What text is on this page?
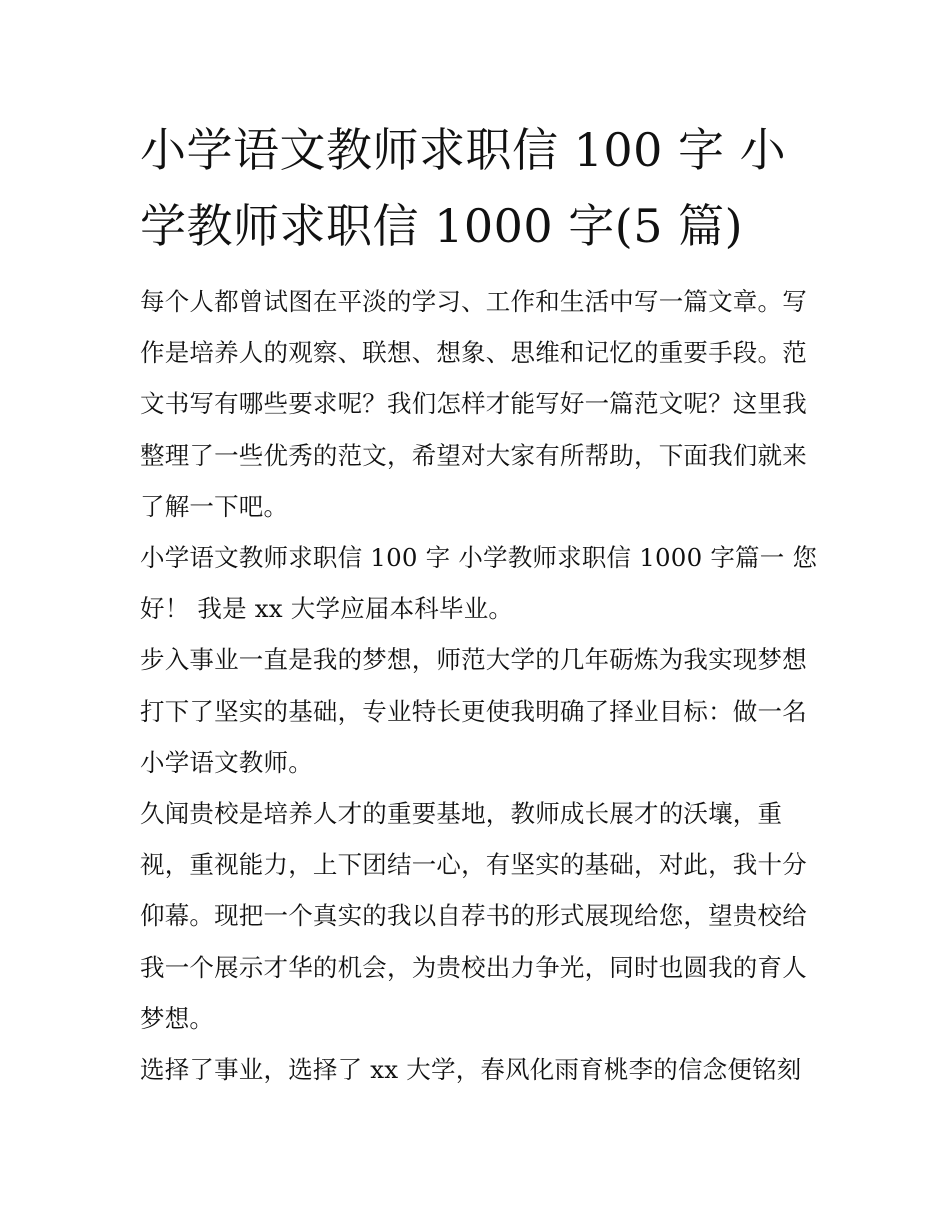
小学语文教师求职信 100 字 小
学教师求职信 1000 字(5 篇)
每个人都曾试图在平淡的学习、工作和生活中写一篇文章。写
作是培养人的观察、联想、想象、思维和记忆的重要手段。范
文书写有哪些要求呢？我们怎样才能写好一篇范文呢？这里我
整理了一些优秀的范文，希望对大家有所帮助，下面我们就来
了解一下吧。
小学语文教师求职信 100 字 小学教师求职信 1000 字篇一 您
好！ 我是 xx 大学应届本科毕业。
步入事业一直是我的梦想，师范大学的几年砺炼为我实现梦想
打下了坚实的基础，专业特长更使我明确了择业目标：做一名
小学语文教师。
久闻贵校是培养人才的重要基地，教师成长展才的沃壤，重
视，重视能力，上下团结一心，有坚实的基础，对此，我十分
仰幕。现把一个真实的我以自荐书的形式展现给您，望贵校给
我一个展示才华的机会，为贵校出力争光，同时也圆我的育人
梦想。
选择了事业，选择了 xx 大学，春风化雨育桃李的信念便铭刻
